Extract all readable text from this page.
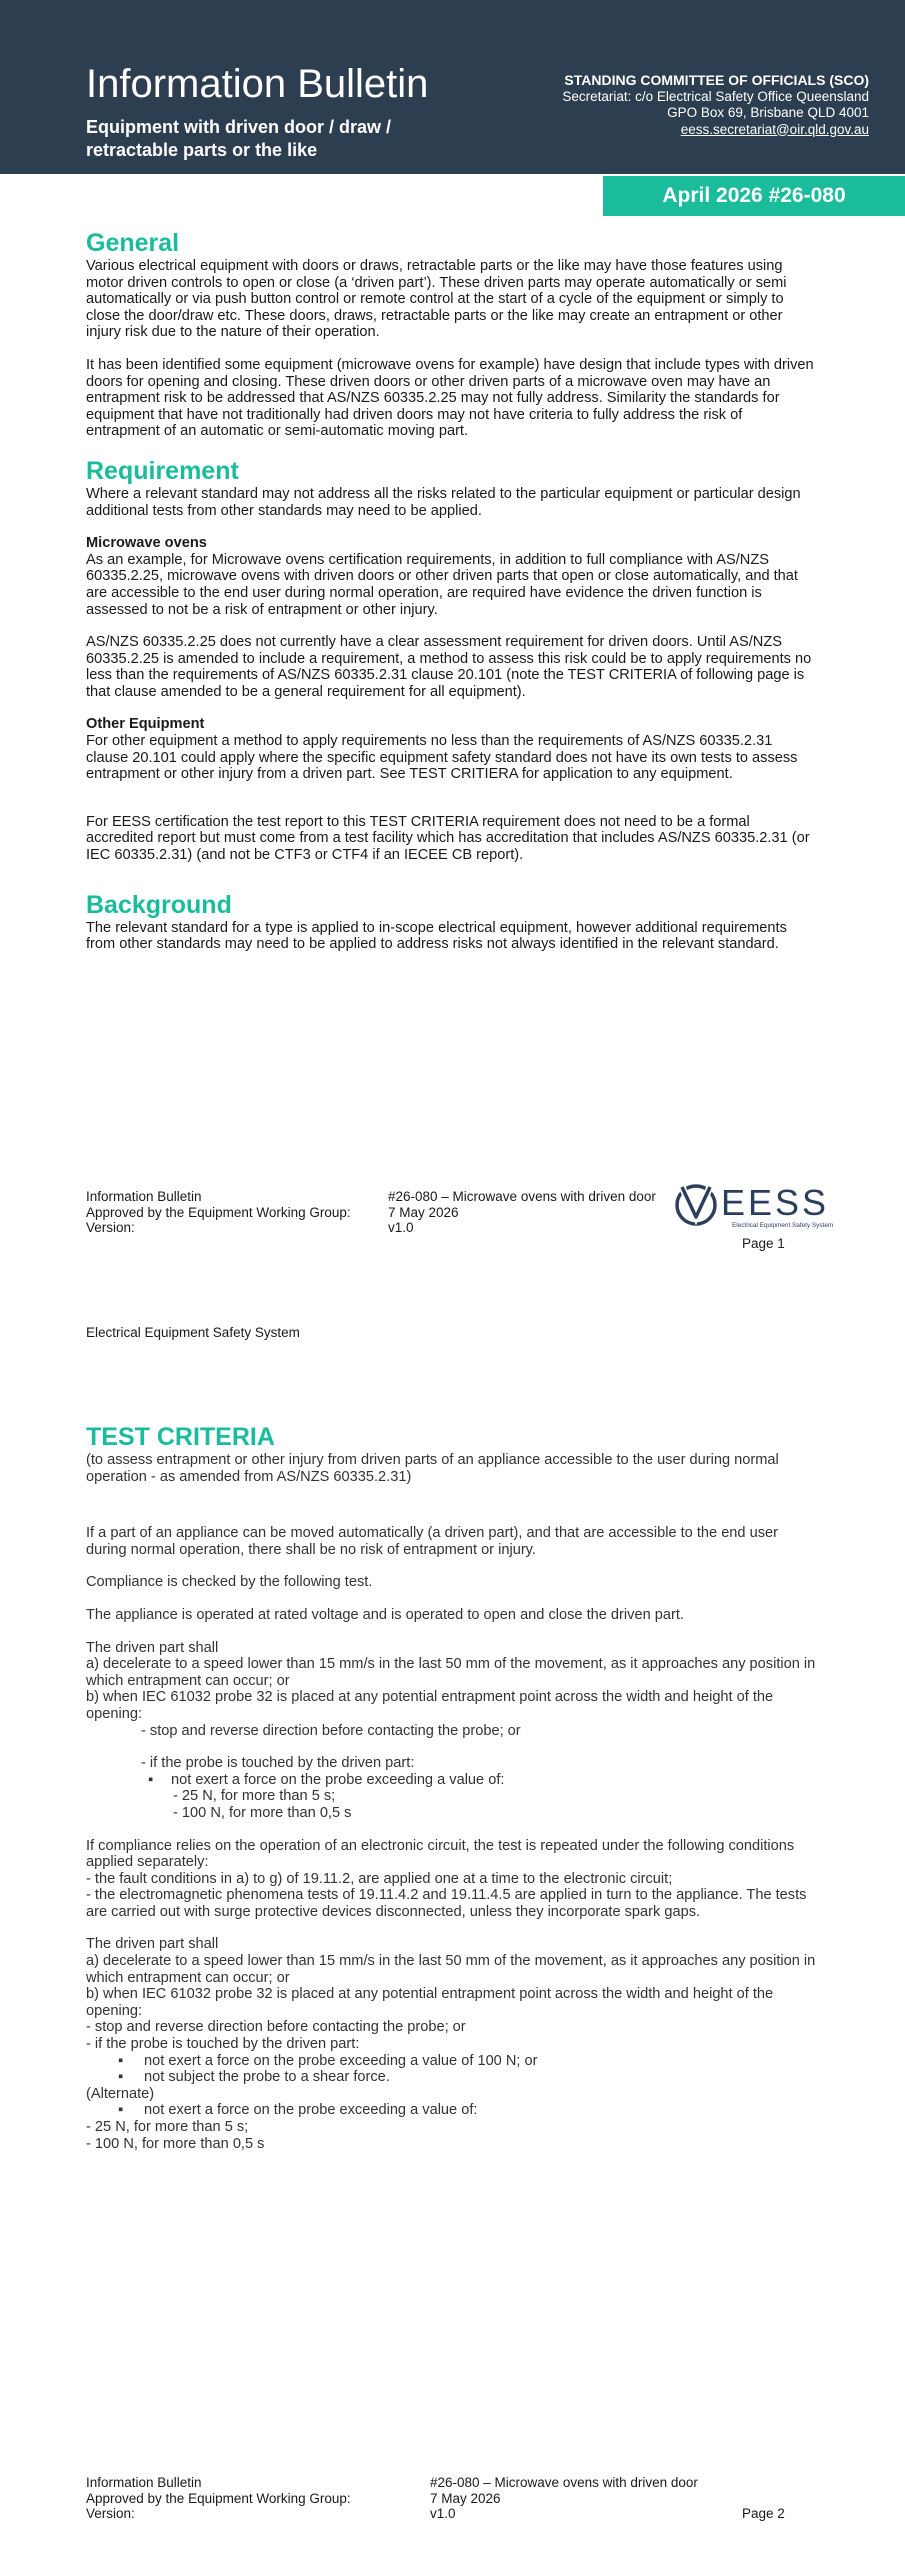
Information Bulletin
Equipment with driven door / draw / retractable parts or the like
STANDING COMMITTEE OF OFFICIALS (SCO)
Secretariat: c/o Electrical Safety Office Queensland
GPO Box 69, Brisbane QLD 4001
eess.secretariat@oir.qld.gov.au
April 2026 #26-080
General
Various electrical equipment with doors or draws, retractable parts or the like may have those features using motor driven controls to open or close (a ‘driven part’). These driven parts may operate automatically or semi automatically or via push button control or remote control at the start of a cycle of the equipment or simply to close the door/draw etc. These doors, draws, retractable parts or the like may create an entrapment or other injury risk due to the nature of their operation.
It has been identified some equipment (microwave ovens for example) have design that include types with driven doors for opening and closing. These driven doors or other driven parts of a microwave oven may have an entrapment risk to be addressed that AS/NZS 60335.2.25 may not fully address. Similarity the standards for equipment that have not traditionally had driven doors may not have criteria to fully address the risk of entrapment of an automatic or semi-automatic moving part.
Requirement
Where a relevant standard may not address all the risks related to the particular equipment or particular design additional tests from other standards may need to be applied.
Microwave ovens
As an example, for Microwave ovens certification requirements, in addition to full compliance with AS/NZS 60335.2.25, microwave ovens with driven doors or other driven parts that open or close automatically, and that are accessible to the end user during normal operation, are required have evidence the driven function is assessed to not be a risk of entrapment or other injury.
AS/NZS 60335.2.25 does not currently have a clear assessment requirement for driven doors. Until AS/NZS 60335.2.25 is amended to include a requirement, a method to assess this risk could be to apply requirements no less than the requirements of AS/NZS 60335.2.31 clause 20.101 (note the TEST CRITERIA of following page is that clause amended to be a general requirement for all equipment).
Other Equipment
For other equipment a method to apply requirements no less than the requirements of AS/NZS 60335.2.31 clause 20.101 could apply where the specific equipment safety standard does not have its own tests to assess entrapment or other injury from a driven part. See TEST CRITIERA for application to any equipment.
For EESS certification the test report to this TEST CRITERIA requirement does not need to be a formal accredited report but must come from a test facility which has accreditation that includes AS/NZS 60335.2.31 (or IEC 60335.2.31) (and not be CTF3 or CTF4 if an IECEE CB report).
Background
The relevant standard for a type is applied to in-scope electrical equipment, however additional requirements from other standards may need to be applied to address risks not always identified in the relevant standard.
Information Bulletin
Approved by the Equipment Working Group:
Version:
#26-080 – Microwave ovens with driven door
7 May 2026
v1.0
EESS
Electrical Equipment Safety System
Page 1
Electrical Equipment Safety System
TEST CRITERIA
(to assess entrapment or other injury from driven parts of an appliance accessible to the user during normal operation - as amended from AS/NZS 60335.2.31)
If a part of an appliance can be moved automatically (a driven part), and that are accessible to the end user during normal operation, there shall be no risk of entrapment or injury.
Compliance is checked by the following test.
The appliance is operated at rated voltage and is operated to open and close the driven part.
The driven part shall
a) decelerate to a speed lower than 15 mm/s in the last 50 mm of the movement, as it approaches any position in which entrapment can occur; or
b) when IEC 61032 probe 32 is placed at any potential entrapment point across the width and height of the opening:
- stop and reverse direction before contacting the probe; or
- if the probe is touched by the driven part:
▪ not exert a force on the probe exceeding a value of:
- 25 N, for more than 5 s;
- 100 N, for more than 0,5 s
If compliance relies on the operation of an electronic circuit, the test is repeated under the following conditions applied separately:
- the fault conditions in a) to g) of 19.11.2, are applied one at a time to the electronic circuit;
- the electromagnetic phenomena tests of 19.11.4.2 and 19.11.4.5 are applied in turn to the appliance. The tests are carried out with surge protective devices disconnected, unless they incorporate spark gaps.
The driven part shall
a) decelerate to a speed lower than 15 mm/s in the last 50 mm of the movement, as it approaches any position in which entrapment can occur; or
b) when IEC 61032 probe 32 is placed at any potential entrapment point across the width and height of the opening:
- stop and reverse direction before contacting the probe; or
- if the probe is touched by the driven part:
▪ not exert a force on the probe exceeding a value of 100 N; or
▪ not subject the probe to a shear force.
(Alternate)
▪ not exert a force on the probe exceeding a value of:
- 25 N, for more than 5 s;
- 100 N, for more than 0,5 s
Information Bulletin
Approved by the Equipment Working Group:
Version:
#26-080 – Microwave ovens with driven door
7 May 2026
v1.0	Page 2
